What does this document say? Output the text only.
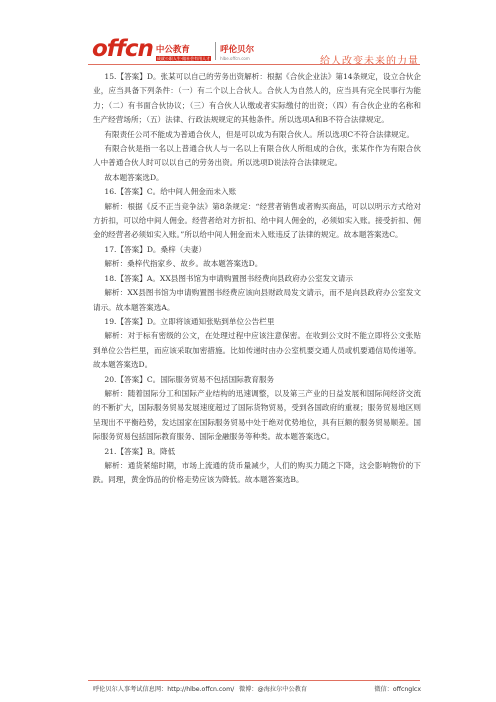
offcn 中公教育
成就公职人生·做社会有用人才
呼伦贝尔
hlbe.offcn.com	给人改变未来的力量

15.【答案】D。张某可以自己的劳务出资解析：根据《合伙企业法》第14条规定，设立合伙企业，应当具备下列条件：（一）有二个以上合伙人。合伙人为自然人的，应当具有完全民事行为能力；（二）有书面合伙协议；（三）有合伙人认缴或者实际缴付的出资；（四）有合伙企业的名称和生产经营场所；（五）法律、行政法规规定的其他条件。所以选项A和B不符合法律规定。

有限责任公司不能成为普通合伙人，但是可以成为有限合伙人。所以选项C不符合法律规定。

有限合伙是指一名以上普通合伙人与一名以上有限合伙人所组成的合伙，张某作作为有限合伙人中普通合伙人时可以以自己的劳务出资。所以选项D说法符合法律规定。

故本题答案选D。

16.【答案】C。给中间人佣金而未入账

解析：根据《反不正当竞争法》第8条规定：“经营者销售或者购买商品，可以以明示方式给对方折扣，可以给中间人佣金。经营者给对方折扣、给中间人佣金的，必须如实入账。接受折扣、佣金的经营者必须如实入账。”所以给中间人佣金而未入账违反了法律的规定。故本题答案选C。

17.【答案】D。桑梓（夫妻）

解析：桑梓代指家乡、故乡。故本题答案选D。

18.【答案】A。XX县图书馆为申请购置图书经费向县政府办公室发文请示

解析：XX县图书馆为申请购置图书经费应该向县财政局发文请示，而不是向县政府办公室发文请示。故本题答案选A。

19.【答案】D。立即将该通知张贴到单位公告栏里

解析：对于标有密级的公文，在处理过程中应该注意保密。在收到公文时不能立即将公文张贴到单位公告栏里，而应该采取加密措施。比如传递时由办公室机要交通人员或机要通信局传递等。故本题答案选D。

20.【答案】C。国际服务贸易不包括国际教育服务

解析：随着国际分工和国际产业结构的迅速调整，以及第三产业的日益发展和国际间经济交流的不断扩大，国际服务贸易发展速度超过了国际货物贸易，受到各国政府的重视；服务贸易地区则呈现出不平衡趋势，发达国家在国际服务贸易中处于绝对优势地位，具有巨额的服务贸易顺差。国际服务贸易包括国际教育服务、国际金融服务等种类。故本题答案选C。

21.【答案】B。降低

解析：通货紧缩时期，市场上流通的货币量减少，人们的购买力随之下降，这会影响物价的下跌。同理，黄金饰品的价格走势应该为降低。故本题答案选B。

呼伦贝尔人事考试信息网：http://hlbe.offcn.com/ 微博：@海拉尔中公教育	微信：offcnglcx
